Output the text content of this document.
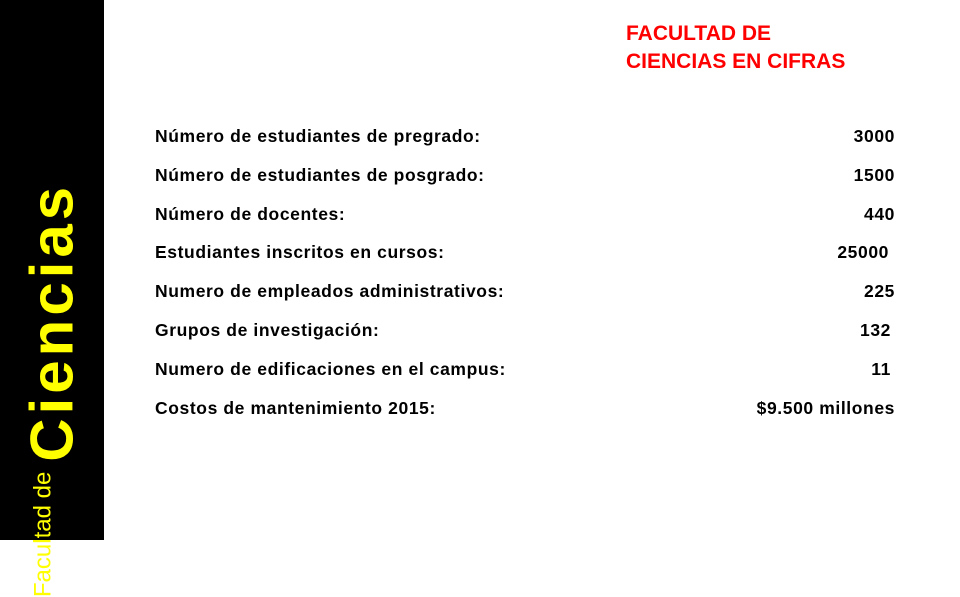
Facultad de
Ciencias
FACULTAD DE
CIENCIAS EN CIFRAS
Número de estudiantes de pregrado:	3000
Número de estudiantes de posgrado:	1500
Número de docentes:	440
Estudiantes inscritos en cursos:	25000
Numero de empleados administrativos:	225
Grupos de investigación:	132
Numero de edificaciones en el campus:	11
Costos de mantenimiento 2015:	$9.500 millones
